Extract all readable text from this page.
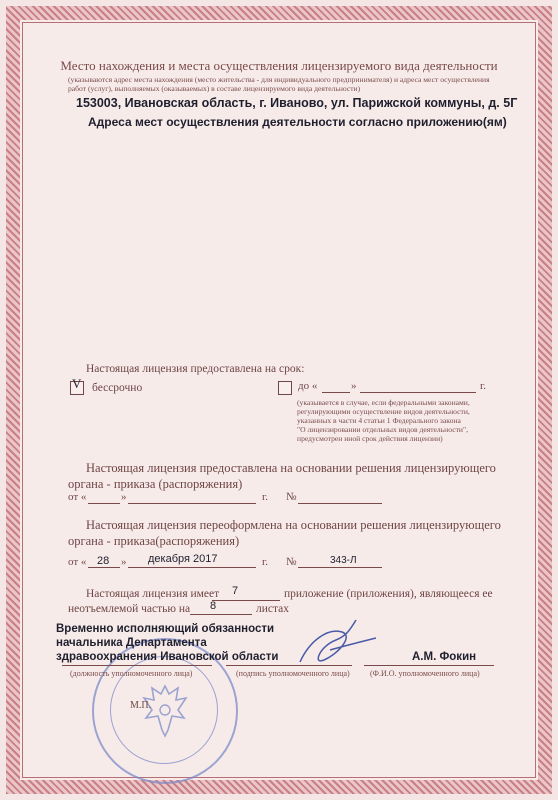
Место нахождения и места осуществления лицензируемого вида деятельности
(указываются адрес места нахождения (место жительства - для индивидуального предпринимателя) и адреса мест осуществления
работ (услуг), выполняемых (оказываемых) в составе лицензируемого вида деятельности)
153003, Ивановская область, г. Иваново, ул. Парижской коммуны, д. 5Г
Адреса мест осуществления деятельности согласно приложению(ям)
Настоящая лицензия предоставлена на срок:
V бессрочно	до «	»	г.
(указывается в случае, если федеральными законами,
регулирующими осуществление видов деятельности,
указанных в части 4 статьи 1 Федерального закона
"О лицензировании отдельных видов деятельности",
предусмотрен иной срок действия лицензии)
Настоящая лицензия предоставлена на основании решения лицензирующего
органа - приказа (распоряжения)
от «	»	г. №
Настоящая лицензия переоформлена на основании решения лицензирующего
органа - приказа(распоряжения)
от « 28 » декабря 2017	г. №	343-Л
Настоящая лицензия имеет 7	приложение (приложения), являющееся ее
неотъемлемой частью на 8	листах
Временно исполняющий обязанности
начальника Департамента
здравоохранения Ивановской области	А.М. Фокин
(должность уполномоченного лица)	(подпись уполномоченного лица)	(Ф.И.О. уполномоченного лица)
М.П.
